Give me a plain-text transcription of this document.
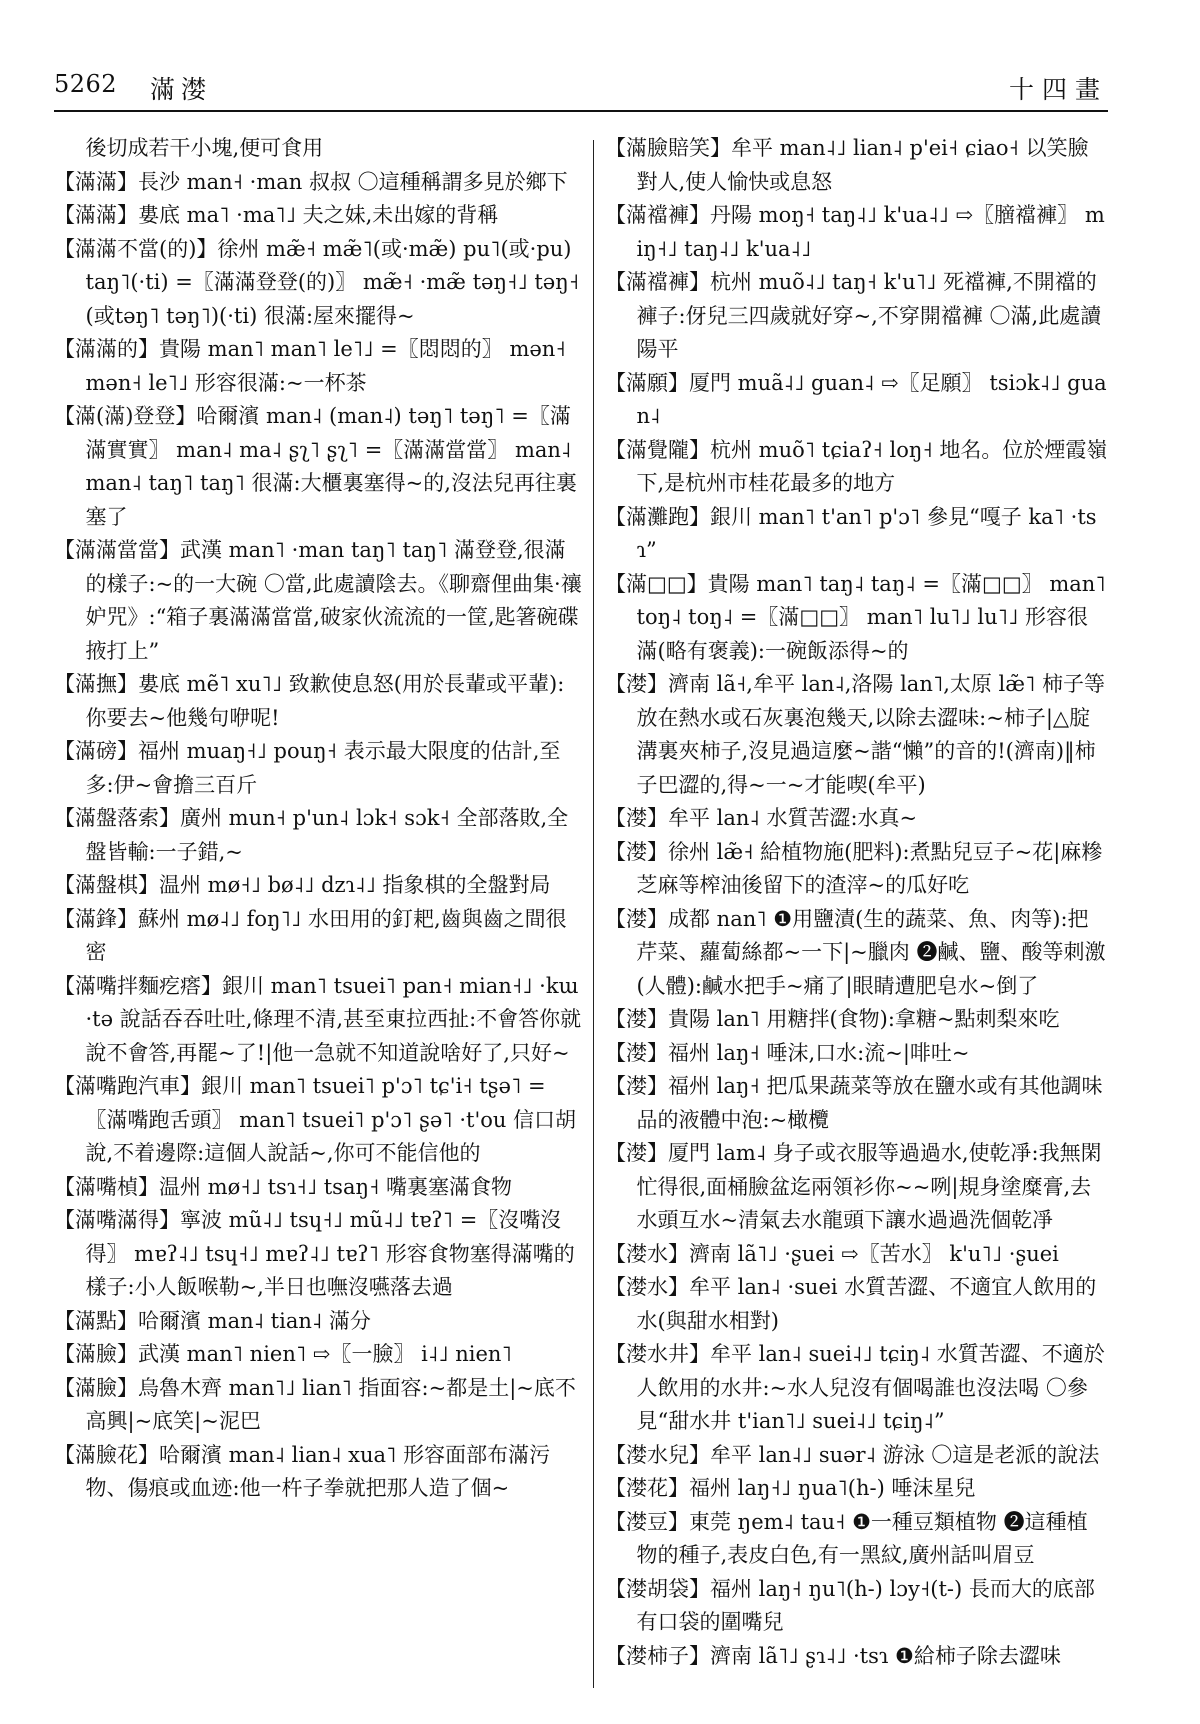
5262 滿漤	十四畫
後切成若干小塊,便可食用
【滿滿】長沙 man˧ ·man 叔叔 〇這種稱謂多見於鄉下
【滿滿】婁底 ma˥ ·ma˥˩ 夫之妹,未出嫁的背稱
【滿滿不當(的)】徐州 mæ̃˧ mæ̃˥(或·mæ̃) pu˥(或·pu) taŋ˥(·ti) =〖滿滿登登(的)〗 mæ̃˧ ·mæ̃ təŋ˧˩ təŋ˧(或təŋ˥ təŋ˥)(·ti) 很滿:屋來擺得~
【滿滿的】貴陽 man˥ man˥ le˥˩ =〖悶悶的〗 mən˧ mən˧ le˥˩ 形容很滿:~一杯茶
【滿(滿)登登】哈爾濱 man˨ (man˨) təŋ˥ təŋ˥ =〖滿滿實實〗 man˨ ma˨ ʂʅ˥ ʂʅ˥ =〖滿滿當當〗 man˨ man˨ taŋ˥ taŋ˥ 很滿:大櫃裏塞得~的,沒法兒再往裏塞了
【滿滿當當】武漢 man˥ ·man taŋ˥ taŋ˥ 滿登登,很滿的樣子:~的一大碗 〇當,此處讀陰去。《聊齋俚曲集·禳妒咒》:“箱子裏滿滿當當,破家伙流流的一筐,匙箸碗碟掖打上”
【滿撫】婁底 mẽ˥ xu˥˩ 致歉使息怒(用於長輩或平輩):你要去~他幾句咿呢!
【滿磅】福州 muaŋ˧˩ pouŋ˧ 表示最大限度的估計,至多:伊~會擔三百斤
【滿盤落索】廣州 mun˧ p'un˨ lɔk˧ sɔk˧ 全部落敗,全盤皆輸:一子錯,~
【滿盤棋】温州 mø˧˩ bø˨˩ dzɿ˨˩ 指象棋的全盤對局
【滿鋒】蘇州 mø˨˩ foŋ˥˩ 水田用的釘耙,齒與齒之間很密
【滿嘴拌麵疙瘩】銀川 man˥ tsuei˥ pan˧ mian˧˩ ·kɯ ·tə 說話吞吞吐吐,條理不清,甚至東拉西扯:不會答你就說不會答,再罷~了!|他一急就不知道說啥好了,只好~
【滿嘴跑汽車】銀川 man˥ tsuei˥ p'ɔ˥ tɕ'i˧ tʂə˥ =〖滿嘴跑舌頭〗 man˥ tsuei˥ p'ɔ˥ ʂə˥ ·t'ou 信口胡說,不着邊際:這個人說話~,你可不能信他的
【滿嘴楨】温州 mø˧˩ tsɿ˧˩ tsaŋ˧ 嘴裏塞滿食物
【滿嘴滿得】寧波 mũ˨˩ tsɥ˧˩ mũ˨˩ tɐʔ˥ =〖沒嘴沒得〗 mɐʔ˨˩ tsɥ˧˩ mɐʔ˨˩ tɐʔ˥ 形容食物塞得滿嘴的樣子:小人飯喉勒~,半日也嘸沒嚥落去過
【滿點】哈爾濱 man˨ tian˨ 滿分
【滿臉】武漢 man˥ nien˥ ⇨〖一臉〗 i˨˩ nien˥
【滿臉】烏魯木齊 man˥˩ lian˥ 指面容:~都是土|~底不高興|~底笑|~泥巴
【滿臉花】哈爾濱 man˨ lian˨ xua˥ 形容面部布滿污物、傷痕或血迹:他一杵子拳就把那人造了個~
【滿臉賠笑】牟平 man˨˩ lian˨ p'ei˧ ɕiao˧ 以笑臉對人,使人愉快或息怒
【滿襠褲】丹陽 moŋ˧ taŋ˨˩ k'ua˨˩ ⇨〖膪襠褲〗 miŋ˧˩ taŋ˨˩ k'ua˨˩
【滿襠褲】杭州 muõ˨˩ taŋ˧ k'u˥˩ 死襠褲,不開襠的褲子:伢兒三四歲就好穿~,不穿開襠褲 〇滿,此處讀陽平
【滿願】厦門 muã˨˩ guan˨ ⇨〖足願〗 tsiɔk˨˩ guan˨
【滿覺隴】杭州 muõ˥ tɕiaʔ˧ loŋ˧ 地名。位於煙霞嶺下,是杭州市桂花最多的地方
【滿灘跑】銀川 man˥ t'an˥ p'ɔ˥ 參見“嘎子 ka˥ ·tsɿ”
【滿□□】貴陽 man˥ taŋ˨ taŋ˨ =〖滿□□〗 man˥ toŋ˨ toŋ˨ =〖滿□□〗 man˥ lu˥˩ lu˥˩ 形容很滿(略有褒義):一碗飯添得~的
【漤】濟南 lã˧,牟平 lan˨,洛陽 lan˥,太原 læ̃˥ 柿子等放在熱水或石灰裏泡幾天,以除去澀味:~柿子|△腚溝裏夾柿子,沒見過這麼~諧“懶”的音的!(濟南)‖柿子巴澀的,得~一~才能喫(牟平)
【漤】牟平 lan˨ 水質苦澀:水真~
【漤】徐州 læ̃˧ 給植物施(肥料):煮點兒豆子~花|麻糝芝麻等榨油後留下的渣滓~的瓜好吃
【漤】成都 nan˥ ❶用鹽漬(生的蔬菜、魚、肉等):把芹菜、蘿蔔絲都~一下|~臘肉 ❷鹹、鹽、酸等刺激(人體):鹹水把手~痛了|眼睛遭肥皂水~倒了
【漤】貴陽 lan˥ 用糖拌(食物):拿糖~點刺梨來吃
【漤】福州 laŋ˧ 唾沫,口水:流~|啡吐~
【漤】福州 laŋ˧ 把瓜果蔬菜等放在鹽水或有其他調味品的液體中泡:~橄欖
【漤】厦門 lam˨ 身子或衣服等過過水,使乾凈:我無閑忙得很,面桶臉盆迄兩領衫你~~咧|規身塗糜膏,去水頭互水~清氣去水龍頭下讓水過過洗個乾凈
【漤水】濟南 lã˥˩ ·ʂuei ⇨〖苦水〗 k'u˥˩ ·ʂuei
【漤水】牟平 lan˨ ·suei 水質苦澀、不適宜人飲用的水(與甜水相對)
【漤水井】牟平 lan˨ suei˨˩ tɕiŋ˨ 水質苦澀、不適於人飲用的水井:~水人兒沒有個喝誰也沒法喝 〇參見“甜水井 t'ian˥˩ suei˨˩ tɕiŋ˨”
【漤水兒】牟平 lan˨˩ suər˨ 游泳 〇這是老派的說法
【漤花】福州 laŋ˧˩ ŋua˥(h-) 唾沫星兒
【漤豆】東莞 ŋem˨ tau˧ ❶一種豆類植物 ❷這種植物的種子,表皮白色,有一黑紋,廣州話叫眉豆
【漤胡袋】福州 laŋ˧ ŋu˥(h-) lɔy˧(t-) 長而大的底部有口袋的圍嘴兒
【漤柿子】濟南 lã˥˩ ʂɿ˨˩ ·tsɿ ❶給柿子除去澀味
